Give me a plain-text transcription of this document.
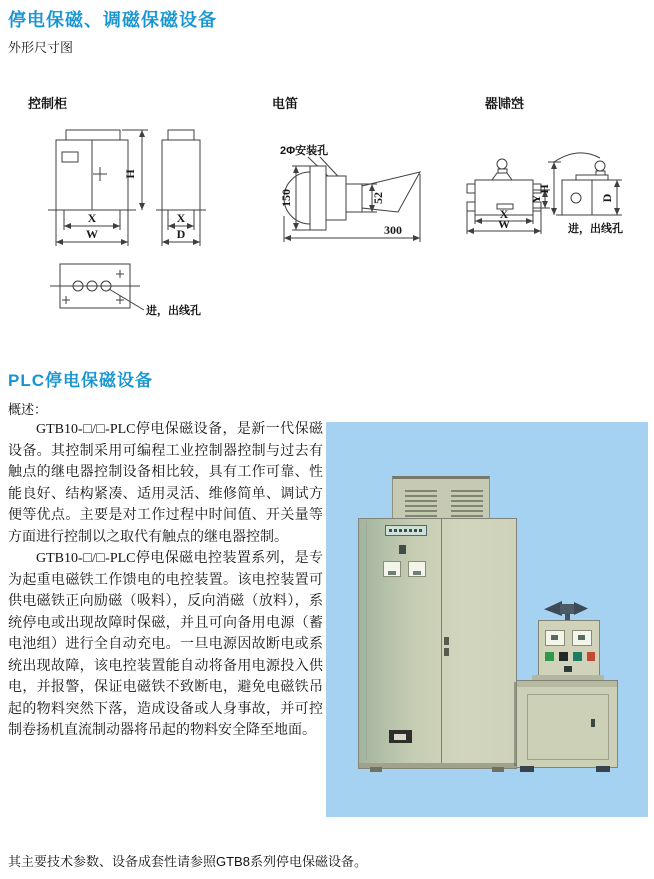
停电保磁、调磁保磁设备
外形尺寸图
控制柜	电笛	控制器
X
W
H
X
D
进，出线孔
2Φ安装孔
150	52
300
Y
X
W
H
D
进，出线孔
PLC停电保磁设备
概述：

GTB10-□/□-PLC停电保磁设备，是新一代保磁设备。其控制采用可编程工业控制器控制与过去有触点的继电器控制设备相比较，具有工作可靠、性能良好、结构紧凑、适用灵活、维修简单、调试方便等优点。主要是对工作过程中时间值、开关量等方面进行控制以之取代有触点的继电器控制。

GTB10-□/□-PLC停电保磁电控装置系列，是专为起重电磁铁工作馈电的电控装置。该电控装置可供电磁铁正向励磁（吸料），反向消磁（放料），系统停电或出现故障时保磁，并且可向备用电源（蓄电池组）进行全自动充电。一旦电源因故断电或系统出现故障，该电控装置能自动将备用电源投入供电，并报警，保证电磁铁不致断电，避免电磁铁吊起的物料突然下落，造成设备或人身事故，并可控制卷扬机直流制动器将吊起的物料安全降至地面。

其主要技术参数、设备成套性请参照GTB8系列停电保磁设备。
